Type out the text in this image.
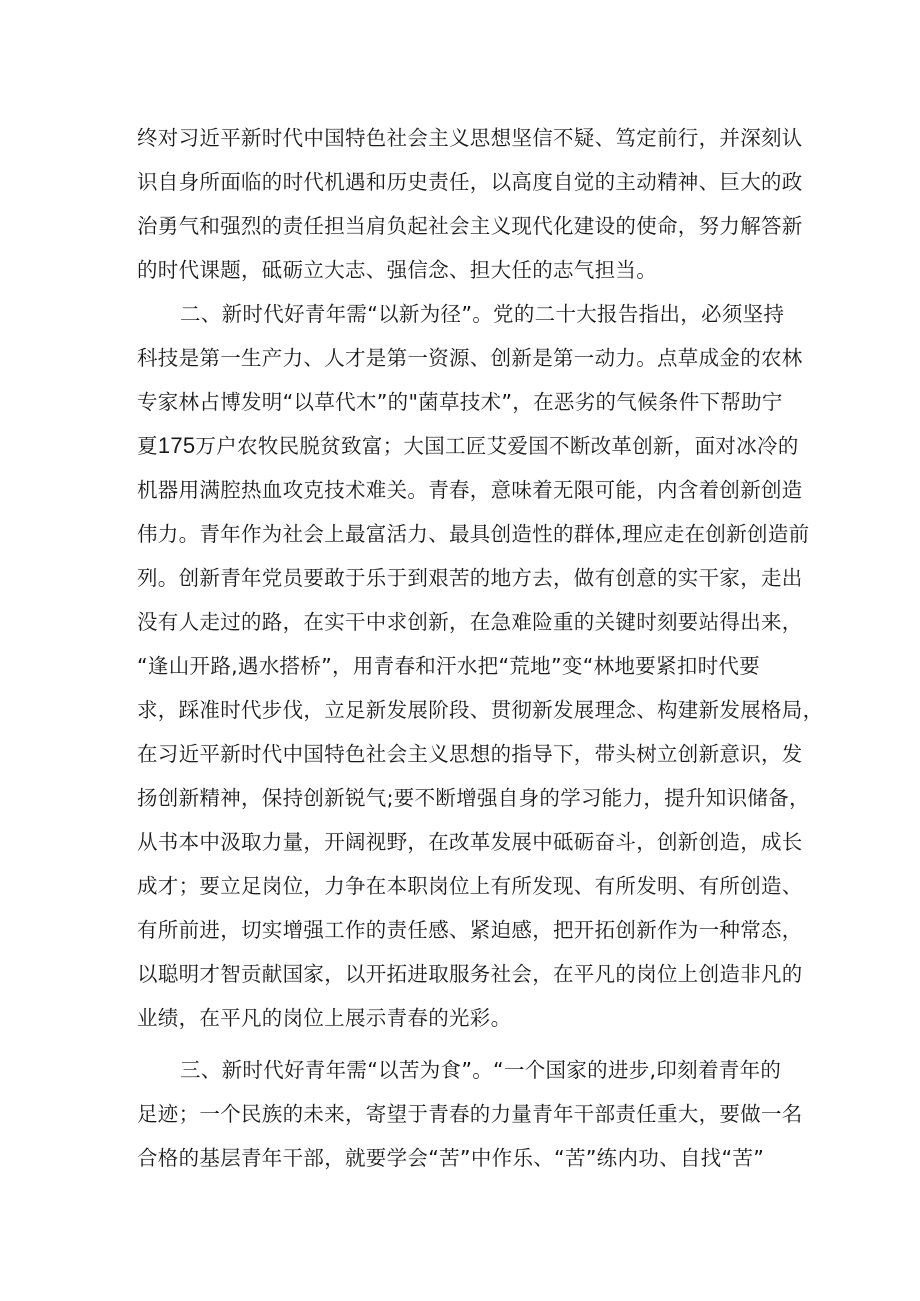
终对习近平新时代中国特色社会主义思想坚信不疑、笃定前行，并深刻认
识自身所面临的时代机遇和历史责任，以高度自觉的主动精神、巨大的政
治勇气和强烈的责任担当肩负起社会主义现代化建设的使命，努力解答新
的时代课题，砥砺立大志、强信念、担大任的志气担当。
二、新时代好青年需“以新为径”。党的二十大报告指出，必须坚持
科技是第一生产力、人才是第一资源、创新是第一动力。点草成金的农林
专家林占博发明“以草代木”的"菌草技术”，在恶劣的气候条件下帮助宁
夏175万户农牧民脱贫致富；大国工匠艾爱国不断改革创新，面对冰冷的
机器用满腔热血攻克技术难关。青春，意味着无限可能，内含着创新创造
伟力。青年作为社会上最富活力、最具创造性的群体,理应走在创新创造前
列。创新青年党员要敢于乐于到艰苦的地方去，做有创意的实干家，走出
没有人走过的路，在实干中求创新，在急难险重的关键时刻要站得出来，
“逢山开路,遇水搭桥”，用青春和汗水把“荒地”变“林地要紧扣时代要
求，踩准时代步伐，立足新发展阶段、贯彻新发展理念、构建新发展格局，
在习近平新时代中国特色社会主义思想的指导下，带头树立创新意识，发
扬创新精神，保持创新锐气;要不断增强自身的学习能力，提升知识储备，
从书本中汲取力量，开阔视野，在改革发展中砥砺奋斗，创新创造，成长
成才；要立足岗位，力争在本职岗位上有所发现、有所发明、有所创造、
有所前进，切实增强工作的责任感、紧迫感，把开拓创新作为一种常态，
以聪明才智贡献国家，以开拓进取服务社会，在平凡的岗位上创造非凡的
业绩，在平凡的岗位上展示青春的光彩。
三、新时代好青年需“以苦为食”。“一个国家的进步,印刻着青年的
足迹；一个民族的未来，寄望于青春的力量青年干部责任重大，要做一名
合格的基层青年干部，就要学会“苦”中作乐、“苦”练内功、自找“苦”
